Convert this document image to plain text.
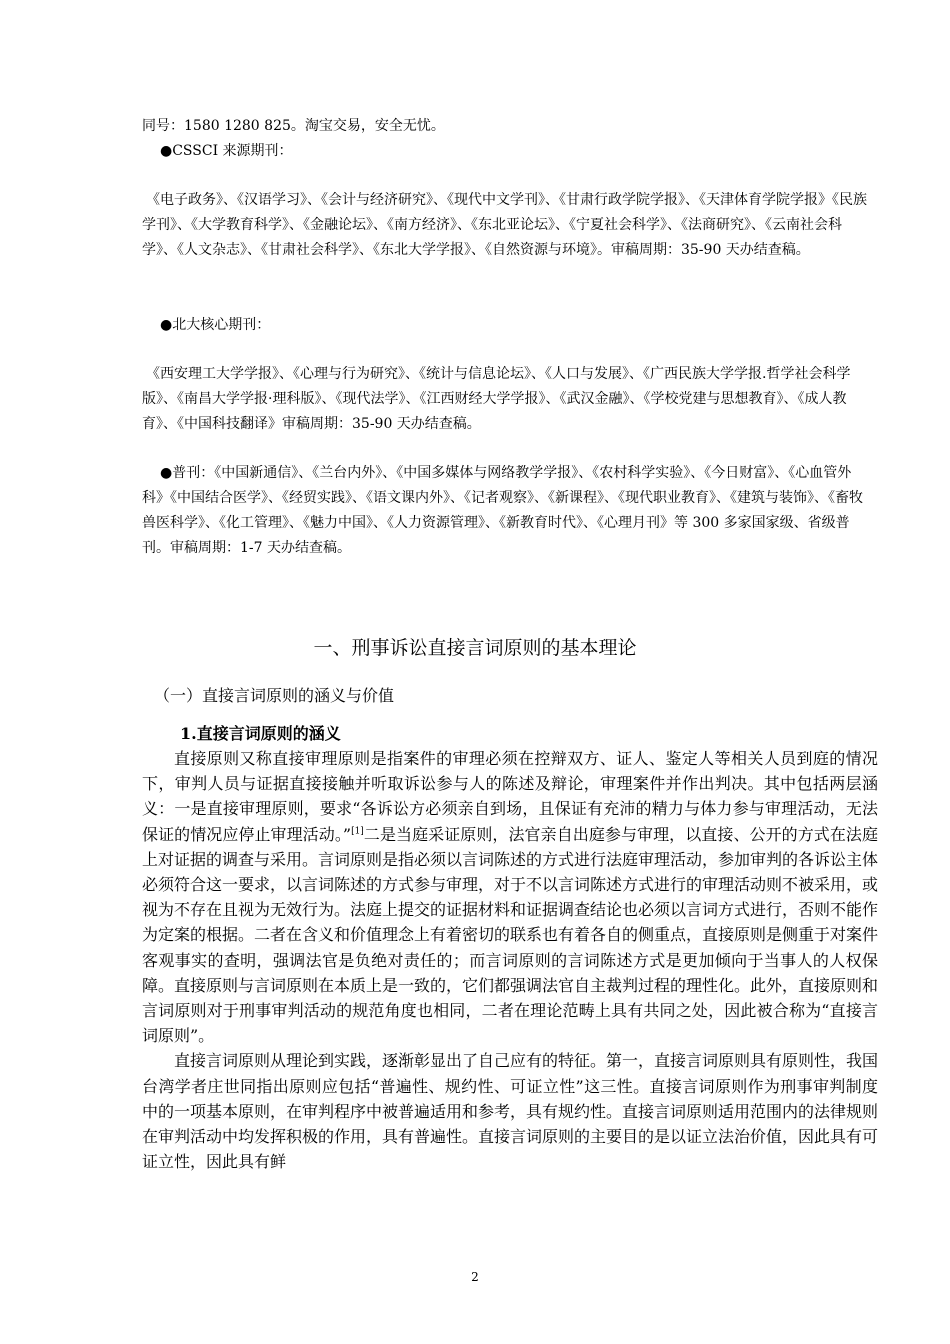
同号：1580 1280 825。淘宝交易，安全无忧。

●CSSCI 来源期刊：

《电子政务》、《汉语学习》、《会计与经济研究》、《现代中文学刊》、《甘肃行政学院学报》、《天津体育学院学报》《民族学刊》、《大学教育科学》、《金融论坛》、《南方经济》、《东北亚论坛》、《宁夏社会科学》、《法商研究》、《云南社会科学》、《人文杂志》、《甘肃社会科学》、《东北大学学报》、《自然资源与环境》。审稿周期：35-90 天办结查稿。

●北大核心期刊：

《西安理工大学学报》、《心理与行为研究》、《统计与信息论坛》、《人口与发展》、《广西民族大学学报.哲学社会科学版》、《南昌大学学报·理科版》、《现代法学》、《江西财经大学学报》、《武汉金融》、《学校党建与思想教育》、《成人教育》、《中国科技翻译》审稿周期：35-90 天办结查稿。

●普刊：《中国新通信》、《兰台内外》、《中国多媒体与网络教学学报》、《农村科学实验》、《今日财富》、《心血管外科》《中国结合医学》、《经贸实践》、《语文课内外》、《记者观察》、《新课程》、《现代职业教育》、《建筑与装饰》、《畜牧兽医科学》、《化工管理》、《魅力中国》、《人力资源管理》、《新教育时代》、《心理月刊》等 300 多家国家级、省级普刊。审稿周期：1-7 天办结查稿。

一、刑事诉讼直接言词原则的基本理论
（一）直接言词原则的涵义与价值
1.直接言词原则的涵义

直接原则又称直接审理原则是指案件的审理必须在控辩双方、证人、鉴定人等相关人员到庭的情况下，审判人员与证据直接接触并听取诉讼参与人的陈述及辩论，审理案件并作出判决。其中包括两层涵义：一是直接审理原则，要求“各诉讼方必须亲自到场，且保证有充沛的精力与体力参与审理活动，无法保证的情况应停止审理活动。”[1]二是当庭采证原则，法官亲自出庭参与审理，以直接、公开的方式在法庭上对证据的调查与采用。言词原则是指必须以言词陈述的方式进行法庭审理活动，参加审判的各诉讼主体必须符合这一要求，以言词陈述的方式参与审理，对于不以言词陈述方式进行的审理活动则不被采用，或视为不存在且视为无效行为。法庭上提交的证据材料和证据调查结论也必须以言词方式进行，否则不能作为定案的根据。二者在含义和价值理念上有着密切的联系也有着各自的侧重点，直接原则是侧重于对案件客观事实的查明，强调法官是负绝对责任的；而言词原则的言词陈述方式是更加倾向于当事人的人权保障。直接原则与言词原则在本质上是一致的，它们都强调法官自主裁判过程的理性化。此外，直接原则和言词原则对于刑事审判活动的规范角度也相同，二者在理论范畴上具有共同之处，因此被合称为“直接言词原则”。

直接言词原则从理论到实践，逐渐彰显出了自己应有的特征。第一，直接言词原则具有原则性，我国台湾学者庄世同指出原则应包括“普遍性、规约性、可证立性”这三性。直接言词原则作为刑事审判制度中的一项基本原则，在审判程序中被普遍适用和参考，具有规约性。直接言词原则适用范围内的法律规则在审判活动中均发挥积极的作用，具有普遍性。直接言词原则的主要目的是以证立法治价值，因此具有可证立性，因此具有鲜

2
